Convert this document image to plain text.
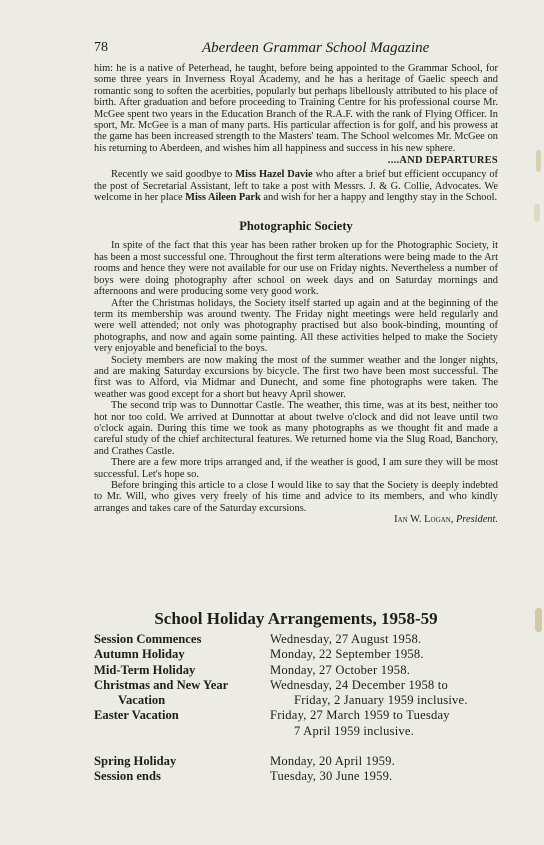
78	Aberdeen Grammar School Magazine

him: he is a native of Peterhead, he taught, before being appointed to the Grammar School, for some three years in Inverness Royal Academy, and he has a heritage of Gaelic speech and romantic song to soften the acerbities, popularly but perhaps libellously attributed to his place of birth. After graduation and before proceeding to Training Centre for his professional course Mr. McGee spent two years in the Education Branch of the R.A.F. with the rank of Flying Officer. In sport, Mr. McGee is a man of many parts. His particular affection is for golf, and his prowess at the game has been increased strength to the Masters' team. The School welcomes Mr. McGee on his returning to Aberdeen, and wishes him all happiness and success in his new sphere.

....AND DEPARTURES

Recently we said goodbye to Miss Hazel Davie who after a brief but efficient occupancy of the post of Secretarial Assistant, left to take a post with Messrs. J. & G. Collie, Advocates. We welcome in her place Miss Aileen Park and wish for her a happy and lengthy stay in the School.

Photographic Society

In spite of the fact that this year has been rather broken up for the Photographic Society, it has been a most successful one. Throughout the first term alterations were being made to the Art rooms and hence they were not available for our use on Friday nights. Nevertheless a number of boys were doing photography after school on week days and on Saturday mornings and afternoons and were producing some very good work.

After the Christmas holidays, the Society itself started up again and at the beginning of the term its membership was around twenty. The Friday night meetings were held regularly and were well attended; not only was photography practised but also book-binding, mounting of photographs, and now and again some painting. All these activities helped to make the Society very enjoyable and beneficial to the boys.

Society members are now making the most of the summer weather and the longer nights, and are making Saturday excursions by bicycle. The first two have been most successful. The first was to Alford, via Midmar and Dunecht, and some fine photographs were taken. The weather was good except for a short but heavy April shower.

The second trip was to Dunnottar Castle. The weather, this time, was at its best, neither too hot nor too cold. We arrived at Dunnottar at about twelve o'clock and did not leave until two o'clock again. During this time we took as many photographs as we thought fit and made a careful study of the chief architectural features. We returned home via the Slug Road, Banchory, and Crathes Castle.

There are a few more trips arranged and, if the weather is good, I am sure they will be most successful. Let's hope so.

Before bringing this article to a close I would like to say that the Society is deeply indebted to Mr. Will, who gives very freely of his time and advice to its members, and who kindly arranges and takes care of the Saturday excursions.

Ian W. Logan, President.
School Holiday Arrangements, 1958-59
Session Commences	Wednesday, 27 August 1958.
Autumn Holiday	Monday, 22 September 1958.
Mid-Term Holiday	Monday, 27 October 1958.
Christmas and New Year	Wednesday, 24 December 1958 to
Vacation	Friday, 2 January 1959 inclusive.
Easter Vacation	Friday, 27 March 1959 to Tuesday
7 April 1959 inclusive.
Spring Holiday	Monday, 20 April 1959.
Session ends	Tuesday, 30 June 1959.
